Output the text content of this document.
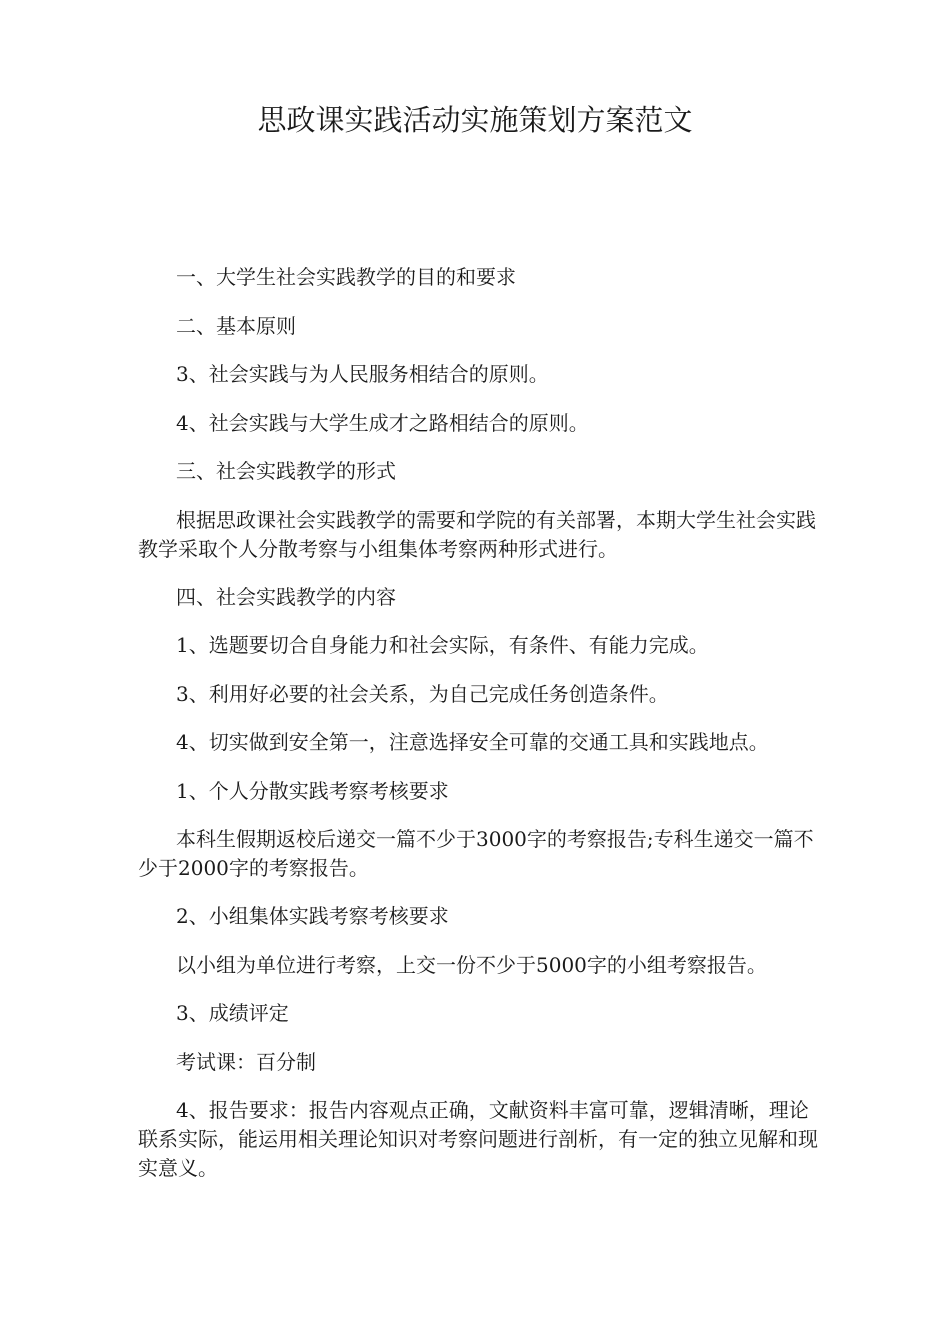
思政课实践活动实施策划方案范文

一、大学生社会实践教学的目的和要求

二、基本原则

3、社会实践与为人民服务相结合的原则。

4、社会实践与大学生成才之路相结合的原则。

三、社会实践教学的形式

根据思政课社会实践教学的需要和学院的有关部署，本期大学生社会实践教学采取个人分散考察与小组集体考察两种形式进行。

四、社会实践教学的内容

1、选题要切合自身能力和社会实际，有条件、有能力完成。

3、利用好必要的社会关系，为自己完成任务创造条件。

4、切实做到安全第一，注意选择安全可靠的交通工具和实践地点。

1、个人分散实践考察考核要求

本科生假期返校后递交一篇不少于3000字的考察报告;专科生递交一篇不少于2000字的考察报告。

2、小组集体实践考察考核要求

以小组为单位进行考察，上交一份不少于5000字的小组考察报告。

3、成绩评定

考试课：百分制

4、报告要求：报告内容观点正确，文献资料丰富可靠，逻辑清晰，理论联系实际，能运用相关理论知识对考察问题进行剖析，有一定的独立见解和现实意义。
